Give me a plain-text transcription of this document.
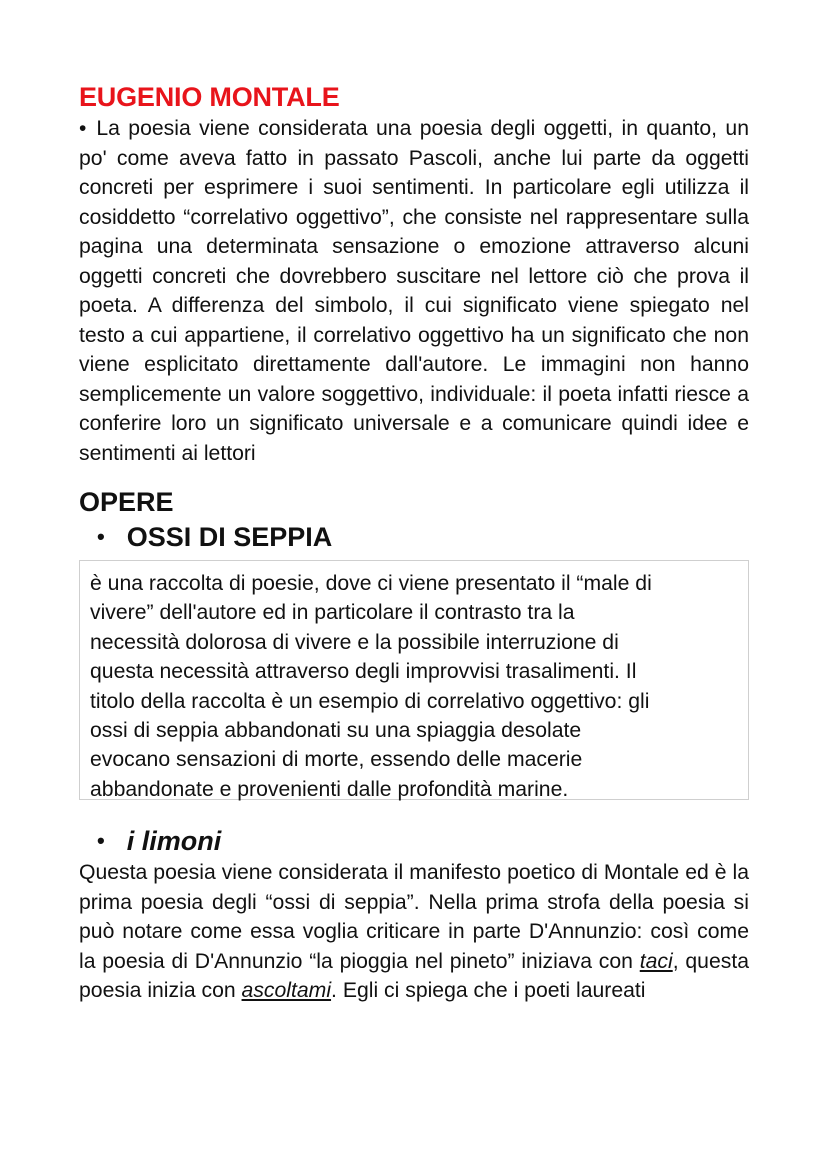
EUGENIO MONTALE

• La poesia viene considerata una poesia degli oggetti, in quanto, un po' come aveva fatto in passato Pascoli, anche lui parte da oggetti concreti per esprimere i suoi sentimenti. In particolare egli utilizza il cosiddetto “correlativo oggettivo”, che consiste nel rappresentare sulla pagina una determinata sensazione o emozione attraverso alcuni oggetti concreti che dovrebbero suscitare nel lettore ciò che prova il poeta. A differenza del simbolo, il cui significato viene spiegato nel testo a cui appartiene, il correlativo oggettivo ha un significato che non viene esplicitato direttamente dall'autore. Le immagini non hanno semplicemente un valore soggettivo, individuale: il poeta infatti riesce a conferire loro un significato universale e a comunicare quindi idee e sentimenti ai lettori

OPERE
• OSSI DI SEPPIA
è una raccolta di poesie, dove ci viene presentato il “male di
vivere” dell'autore ed in particolare il contrasto tra la
necessità dolorosa di vivere e la possibile interruzione di
questa necessità attraverso degli improvvisi trasalimenti. Il
titolo della raccolta è un esempio di correlativo oggettivo: gli
ossi di seppia abbandonati su una spiaggia desolate
evocano sensazioni di morte, essendo delle macerie
abbandonate e provenienti dalle profondità marine.
• i limoni

Questa poesia viene considerata il manifesto poetico di Montale ed è la prima poesia degli “ossi di seppia”. Nella prima strofa della poesia si può notare come essa voglia criticare in parte D'Annunzio: così come la poesia di D'Annunzio “la pioggia nel pineto” iniziava con taci, questa poesia inizia con ascoltami. Egli ci spiega che i poeti laureati
